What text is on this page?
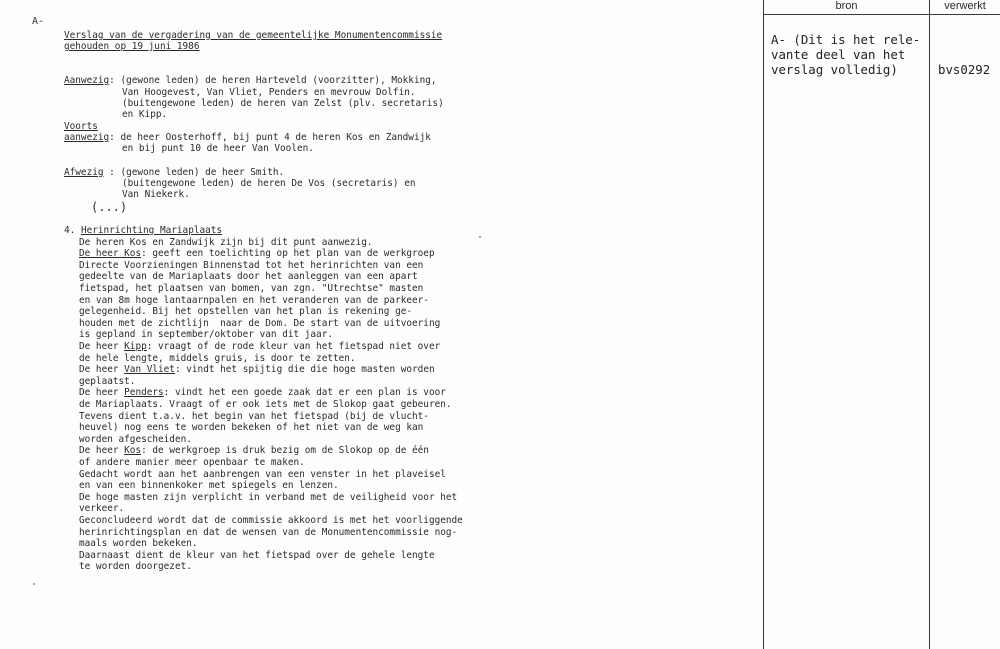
bron	verwerkt
A- (Dit is het rele-
vante deel van het
verslag volledig)	bvs0292
A-
Verslag van de vergadering van de gemeentelijke Monumentencommissie
gehouden op 19 juni 1986
Aanwezig: (gewone leden) de heren Harteveld (voorzitter), Mokking,
Van Hoogevest, Van Vliet, Penders en mevrouw Dolfin.
(buitengewone leden) de heren van Zelst (plv. secretaris)
en Kipp.
Voorts
aanwezig: de heer Oosterhoff, bij punt 4 de heren Kos en Zandwijk
en bij punt 10 de heer Van Voolen.
Afwezig : (gewone leden) de heer Smith.
(buitengewone leden) de heren De Vos (secretaris) en
Van Niekerk.
(...)
4. Herinrichting Mariaplaats
De heren Kos en Zandwijk zijn bij dit punt aanwezig.
De heer Kos: geeft een toelichting op het plan van de werkgroep
Directe Voorzieningen Binnenstad tot het herinrichten van een
gedeelte van de Mariaplaats door het aanleggen van een apart
fietspad, het plaatsen van bomen, van zgn. "Utrechtse" masten
en van 8m hoge lantaarnpalen en het veranderen van de parkeer-
gelegenheid. Bij het opstellen van het plan is rekening ge-
houden met de zichtlijn  naar de Dom. De start van de uitvoering
is gepland in september/oktober van dit jaar.
De heer Kipp: vraagt of de rode kleur van het fietspad niet over
de hele lengte, middels gruis, is door te zetten.
De heer Van Vliet: vindt het spijtig die die hoge masten worden
geplaatst.
De heer Penders: vindt het een goede zaak dat er een plan is voor
de Mariaplaats. Vraagt of er ook iets met de Slokop gaat gebeuren.
Tevens dient t.a.v. het begin van het fietspad (bij de vlucht-
heuvel) nog eens te worden bekeken of het niet van de weg kan
worden afgescheiden.
De heer Kos: de werkgroep is druk bezig om de Slokop op de één
of andere manier meer openbaar te maken.
Gedacht wordt aan het aanbrengen van een venster in het plaveisel
en van een binnenkoker met spiegels en lenzen.
De hoge masten zijn verplicht in verband met de veiligheid voor het
verkeer.
Geconcludeerd wordt dat de commissie akkoord is met het voorliggende
herinrichtingsplan en dat de wensen van de Monumentencommissie nog-
maals worden bekeken.
Daarnaast dient de kleur van het fietspad over de gehele lengte
te worden doorgezet.
